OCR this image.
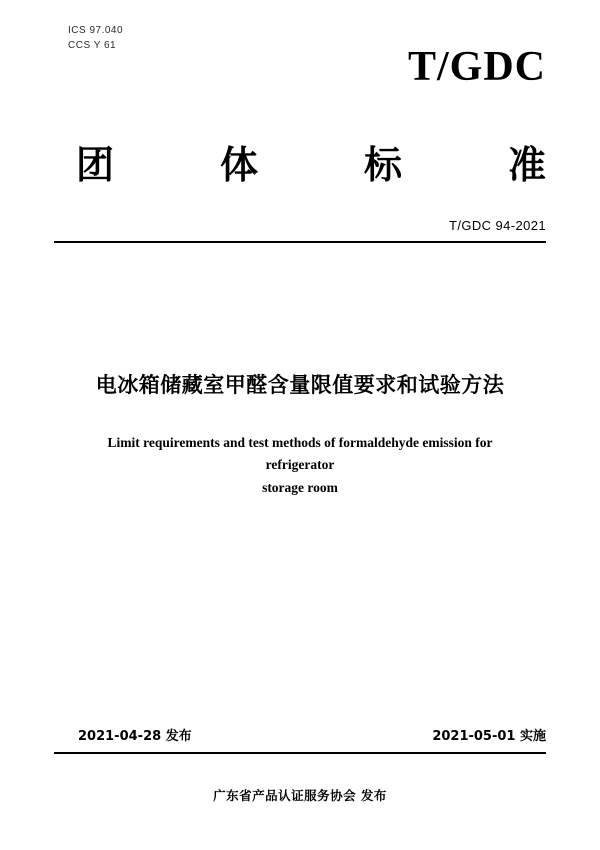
ICS 97.040
CCS Y 61	T/GDC
团	体	标	准
T/GDC 94-2021
电冰箱储藏室甲醛含量限值要求和试验方法
Limit requirements and test methods of formaldehyde emission for refrigerator
storage room
2021-04-28 发布	2021-05-01 实施
广东省产品认证服务协会 发布
